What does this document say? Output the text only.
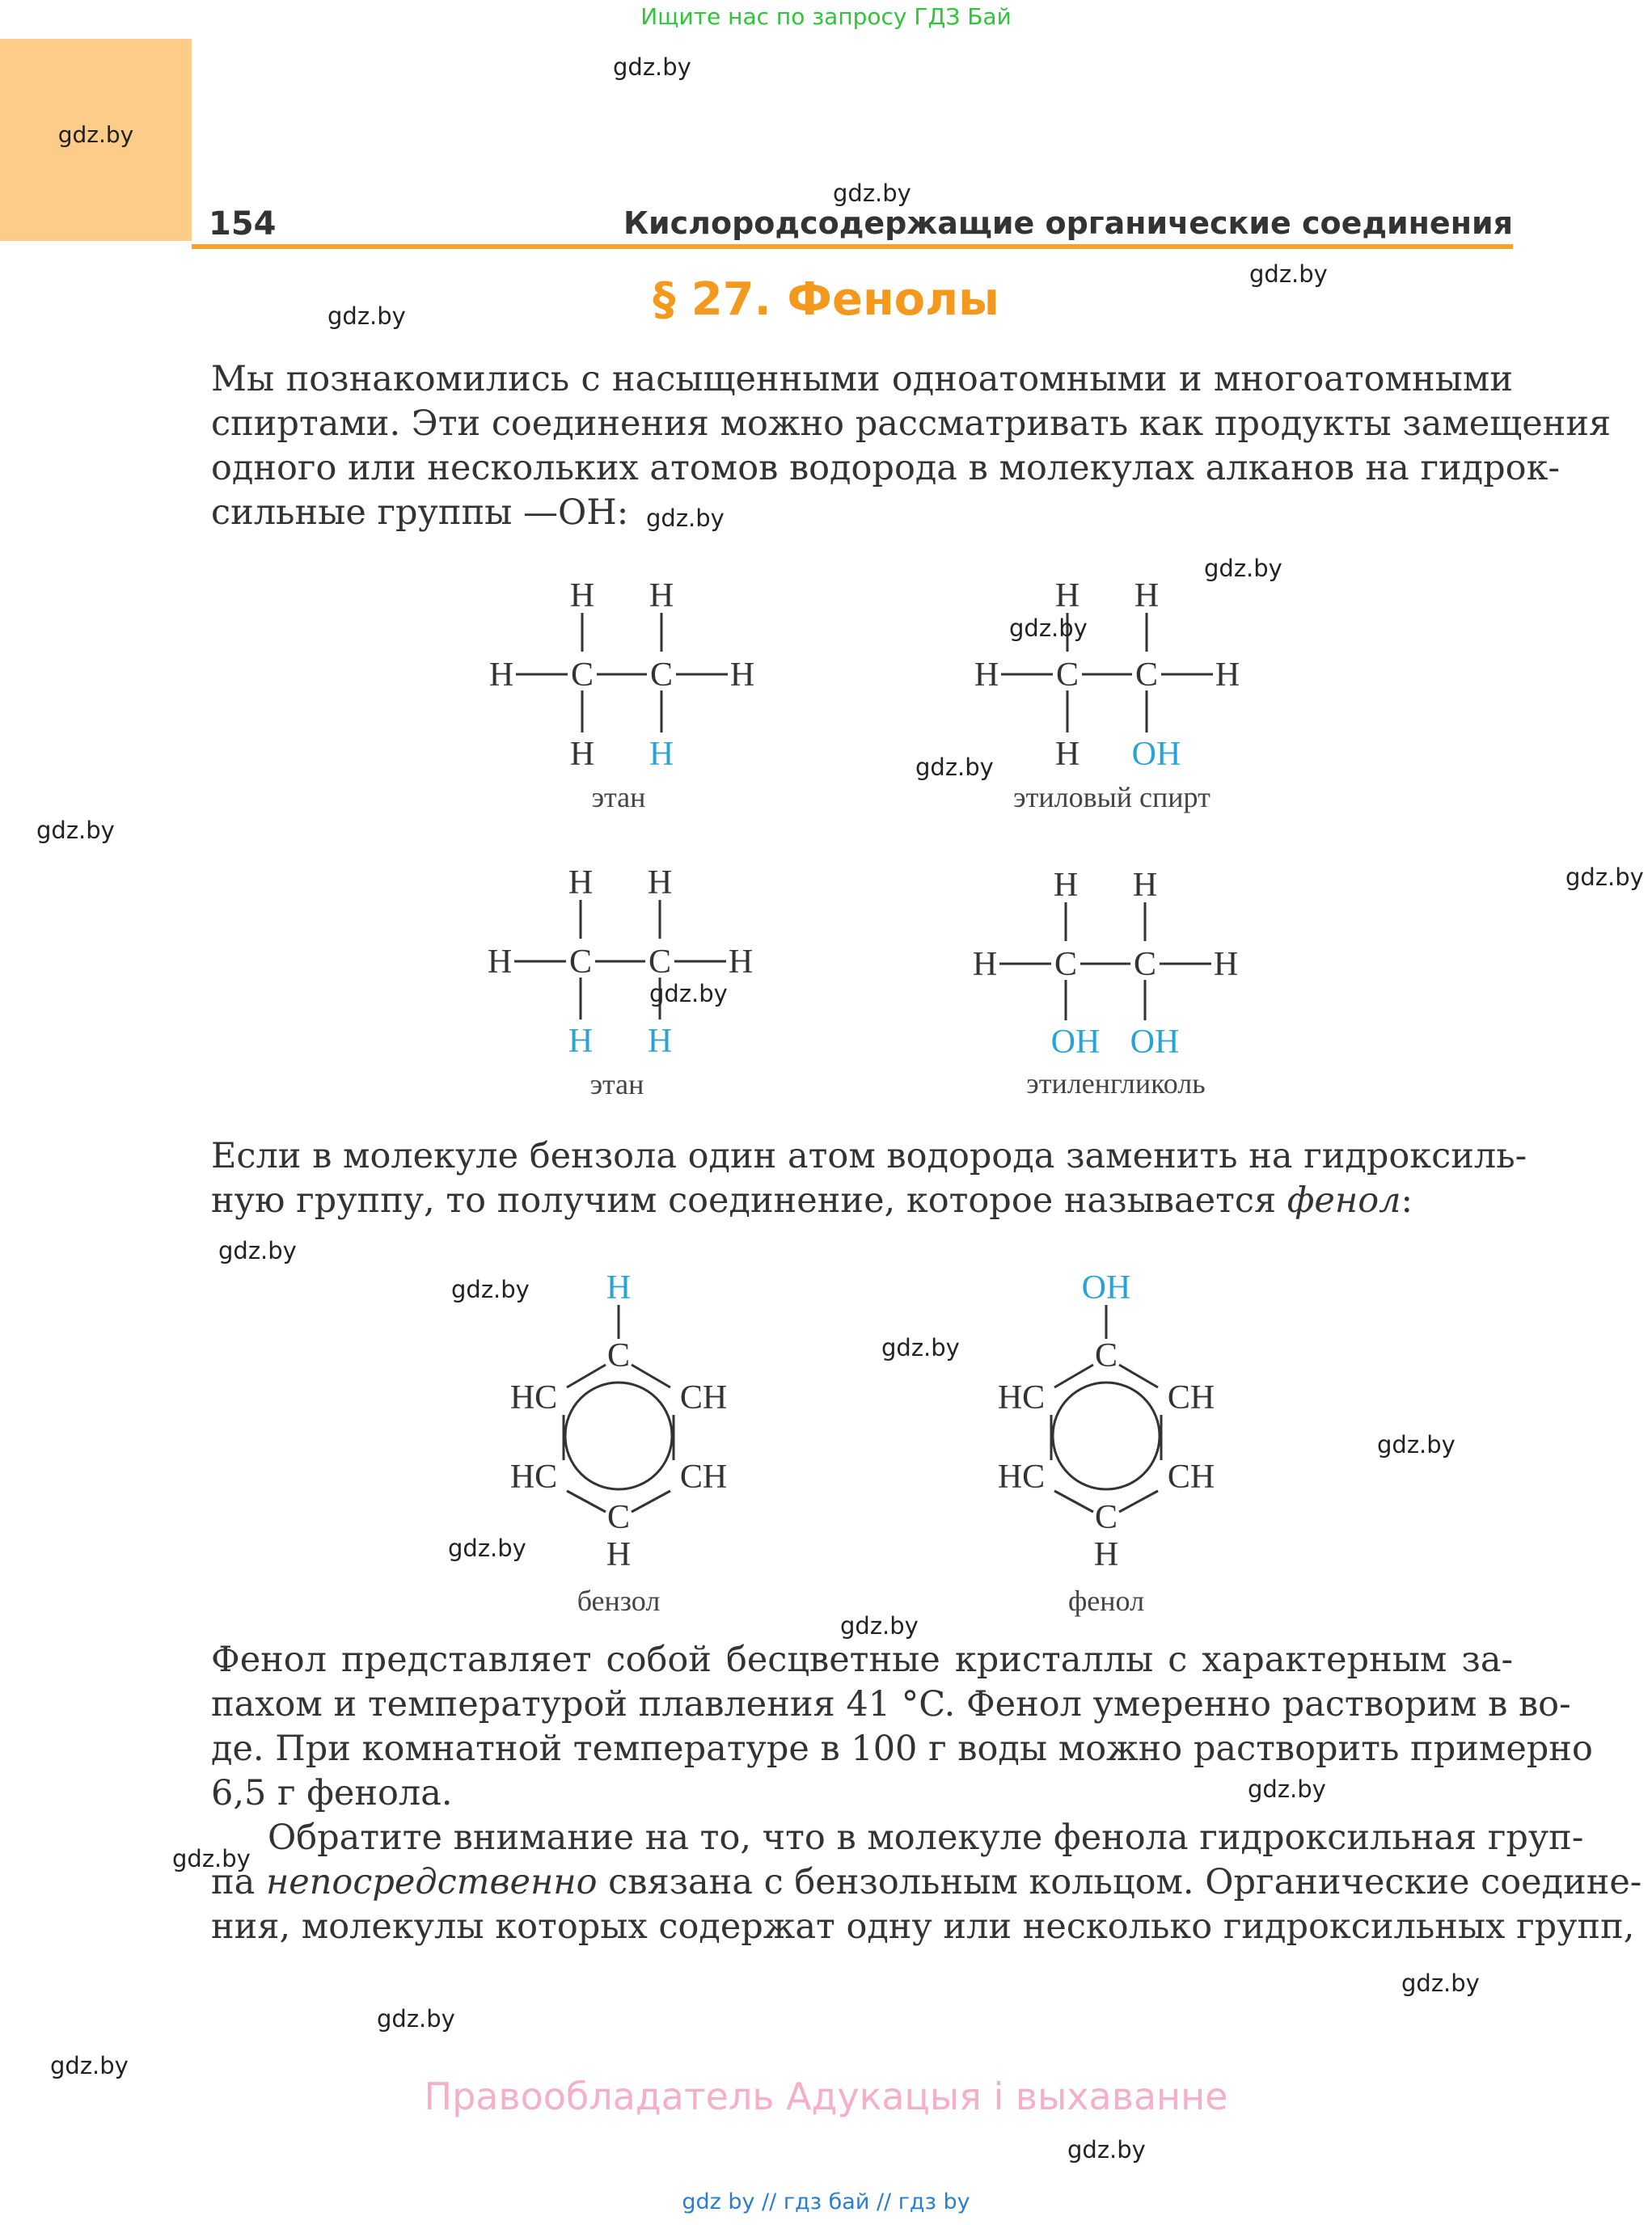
Ищите нас по запросу ГДЗ Бай
gdz.by
154	Кислородсодержащие органические соединения
§ 27. Фенолы
Мы познакомились с насыщенными одноатомными и многоатомными
спиртами. Эти соединения можно рассматривать как продукты замещения
одного или нескольких атомов водорода в молекулах алканов на гидрок-
сильные группы —OH:
H H
H C C H
H H
этан
H H
H C C H
H OH
этиловый спирт
H H
H C C H
H H
этан
H H
H C C H
OH OH
этиленгликоль
Если в молекуле бензола один атом водорода заменить на гидроксиль-
ную группу, то получим соединение, которое называется фенол:
H
C
HC	CH
HC	CH
C
H
бензол
OH
C
HC	CH
HC	CH
C
H
фенол
Фенол представляет собой бесцветные кристаллы с характерным за-
пахом и температурой плавления 41 °C. Фенол умеренно растворим в во-
де. При комнатной температуре в 100 г воды можно растворить примерно
6,5 г фенола.
Обратите внимание на то, что в молекуле фенола гидроксильная груп-
па непосредственно связана с бензольным кольцом. Органические соедине-
ния, молекулы которых содержат одну или несколько гидроксильных групп,
gdz.by
gdz.by
gdz.by
gdz.by
gdz.by
gdz.by
gdz.by
gdz.by
gdz.by
gdz.by
gdz.by
gdz.by
gdz.by
gdz.by
gdz.by
gdz.by
gdz.by
gdz.by
gdz.by
gdz.by
gdz.by
gdz.by
gdz.by
Правообладатель Адукацыя і выхаванне
gdz by // гдз бай // гдз by
